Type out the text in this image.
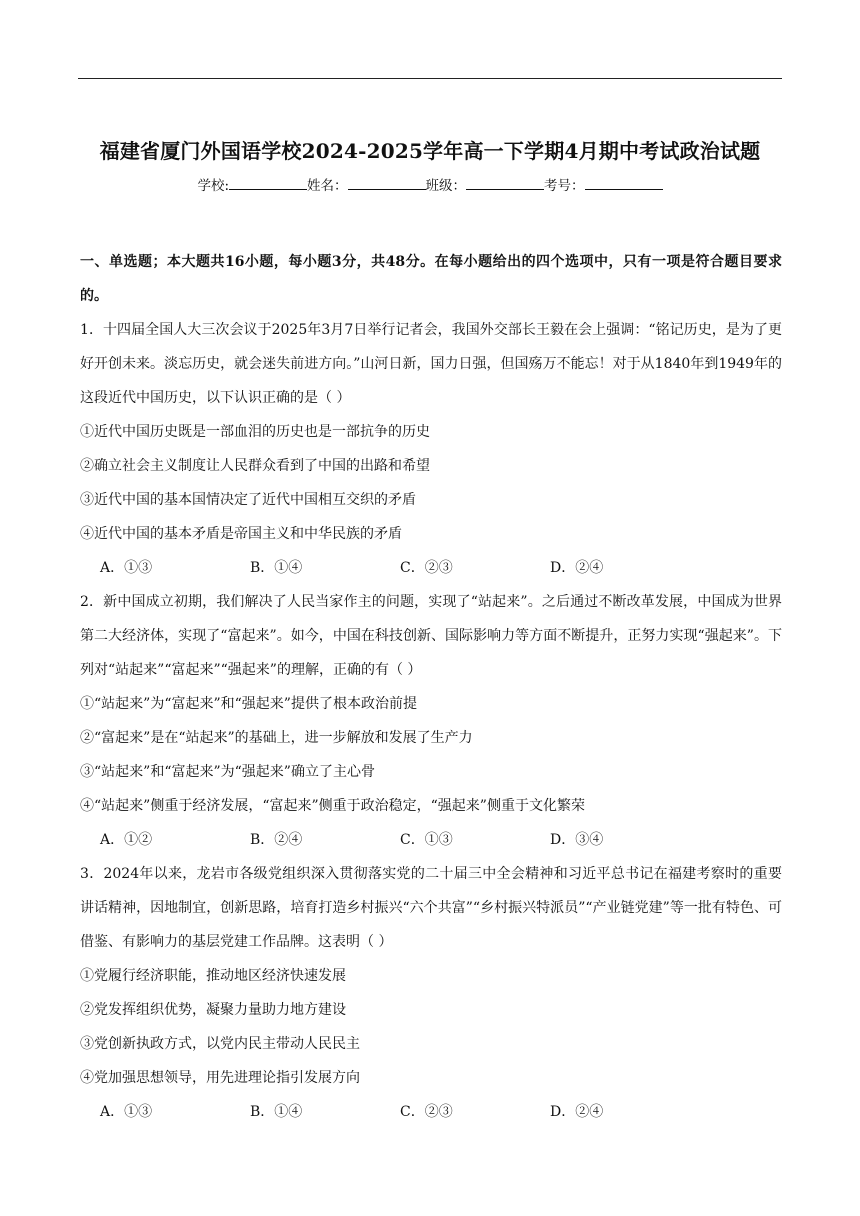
福建省厦门外国语学校2024-2025学年高一下学期4月期中考试政治试题
学校:	姓名：	班级：	考号：
一、单选题；本大题共16小题，每小题3分，共48分。在每小题给出的四个选项中，只有一项是符合题目要求的。
1．十四届全国人大三次会议于2025年3月7日举行记者会，我国外交部长王毅在会上强调：“铭记历史，是为了更好开创未来。淡忘历史，就会迷失前进方向。”山河日新，国力日强，但国殇万不能忘！对于从1840年到1949年的这段近代中国历史，以下认识正确的是（ ）
①近代中国历史既是一部血泪的历史也是一部抗争的历史
②确立社会主义制度让人民群众看到了中国的出路和希望
③近代中国的基本国情决定了近代中国相互交织的矛盾
④近代中国的基本矛盾是帝国主义和中华民族的矛盾
A．①③	B．①④	C．②③	D．②④
2．新中国成立初期，我们解决了人民当家作主的问题，实现了“站起来”。之后通过不断改革发展，中国成为世界第二大经济体，实现了“富起来”。如今，中国在科技创新、国际影响力等方面不断提升，正努力实现“强起来”。下列对“站起来”“富起来”“强起来”的理解，正确的有（ ）
①“站起来”为“富起来”和“强起来”提供了根本政治前提
②“富起来”是在“站起来”的基础上，进一步解放和发展了生产力
③“站起来”和“富起来”为“强起来”确立了主心骨
④“站起来”侧重于经济发展，“富起来”侧重于政治稳定，“强起来”侧重于文化繁荣
A．①②	B．②④	C．①③	D．③④
3．2024年以来，龙岩市各级党组织深入贯彻落实党的二十届三中全会精神和习近平总书记在福建考察时的重要讲话精神，因地制宜，创新思路，培育打造乡村振兴“六个共富”“乡村振兴特派员”“产业链党建”等一批有特色、可借鉴、有影响力的基层党建工作品牌。这表明（ ）
①党履行经济职能，推动地区经济快速发展
②党发挥组织优势，凝聚力量助力地方建设
③党创新执政方式，以党内民主带动人民民主
④党加强思想领导，用先进理论指引发展方向
A．①③	B．①④	C．②③	D．②④
